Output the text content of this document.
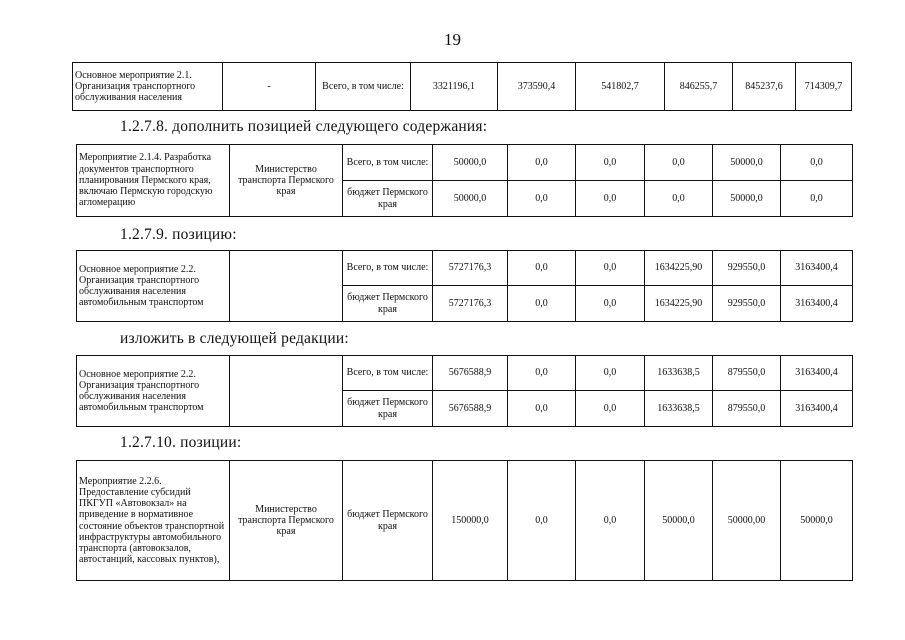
19
Основное мероприятие 2.1. Организация транспортного обслуживания населения	-	Всего, в том числе:	3321196,1	373590,4	541802,7	846255,7	845237,6	714309,7
1.2.7.8. дополнить позицией следующего содержания:
Мероприятие 2.1.4. Разработка документов транспортного планирования Пермского края, включаю Пермскую городскую агломерацию	Министерство транспорта Пермского края	Всего, в том числе:	50000,0	0,0	0,0	0,0	50000,0	0,0
		бюджет Пермского края	50000,0	0,0	0,0	0,0	50000,0	0,0
1.2.7.9. позицию:
Основное мероприятие 2.2. Организация транспортного обслуживания населения автомобильным транспортом		Всего, в том числе:	5727176,3	0,0	0,0	1634225,90	929550,0	3163400,4
		бюджет Пермского края	5727176,3	0,0	0,0	1634225,90	929550,0	3163400,4
изложить в следующей редакции:
Основное мероприятие 2.2. Организация транспортного обслуживания населения автомобильным транспортом		Всего, в том числе:	5676588,9	0,0	0,0	1633638,5	879550,0	3163400,4
		бюджет Пермского края	5676588,9	0,0	0,0	1633638,5	879550,0	3163400,4
1.2.7.10. позиции:
Мероприятие 2.2.6. Предоставление субсидий ПКГУП «Автовокзал» на приведение в нормативное состояние объектов транспортной инфраструктуры автомобильного транспорта (автовокзалов, автостанций, кассовых пунктов),	Министерство транспорта Пермского края	бюджет Пермского края	150000,0	0,0	0,0	50000,0	50000,00	50000,0
